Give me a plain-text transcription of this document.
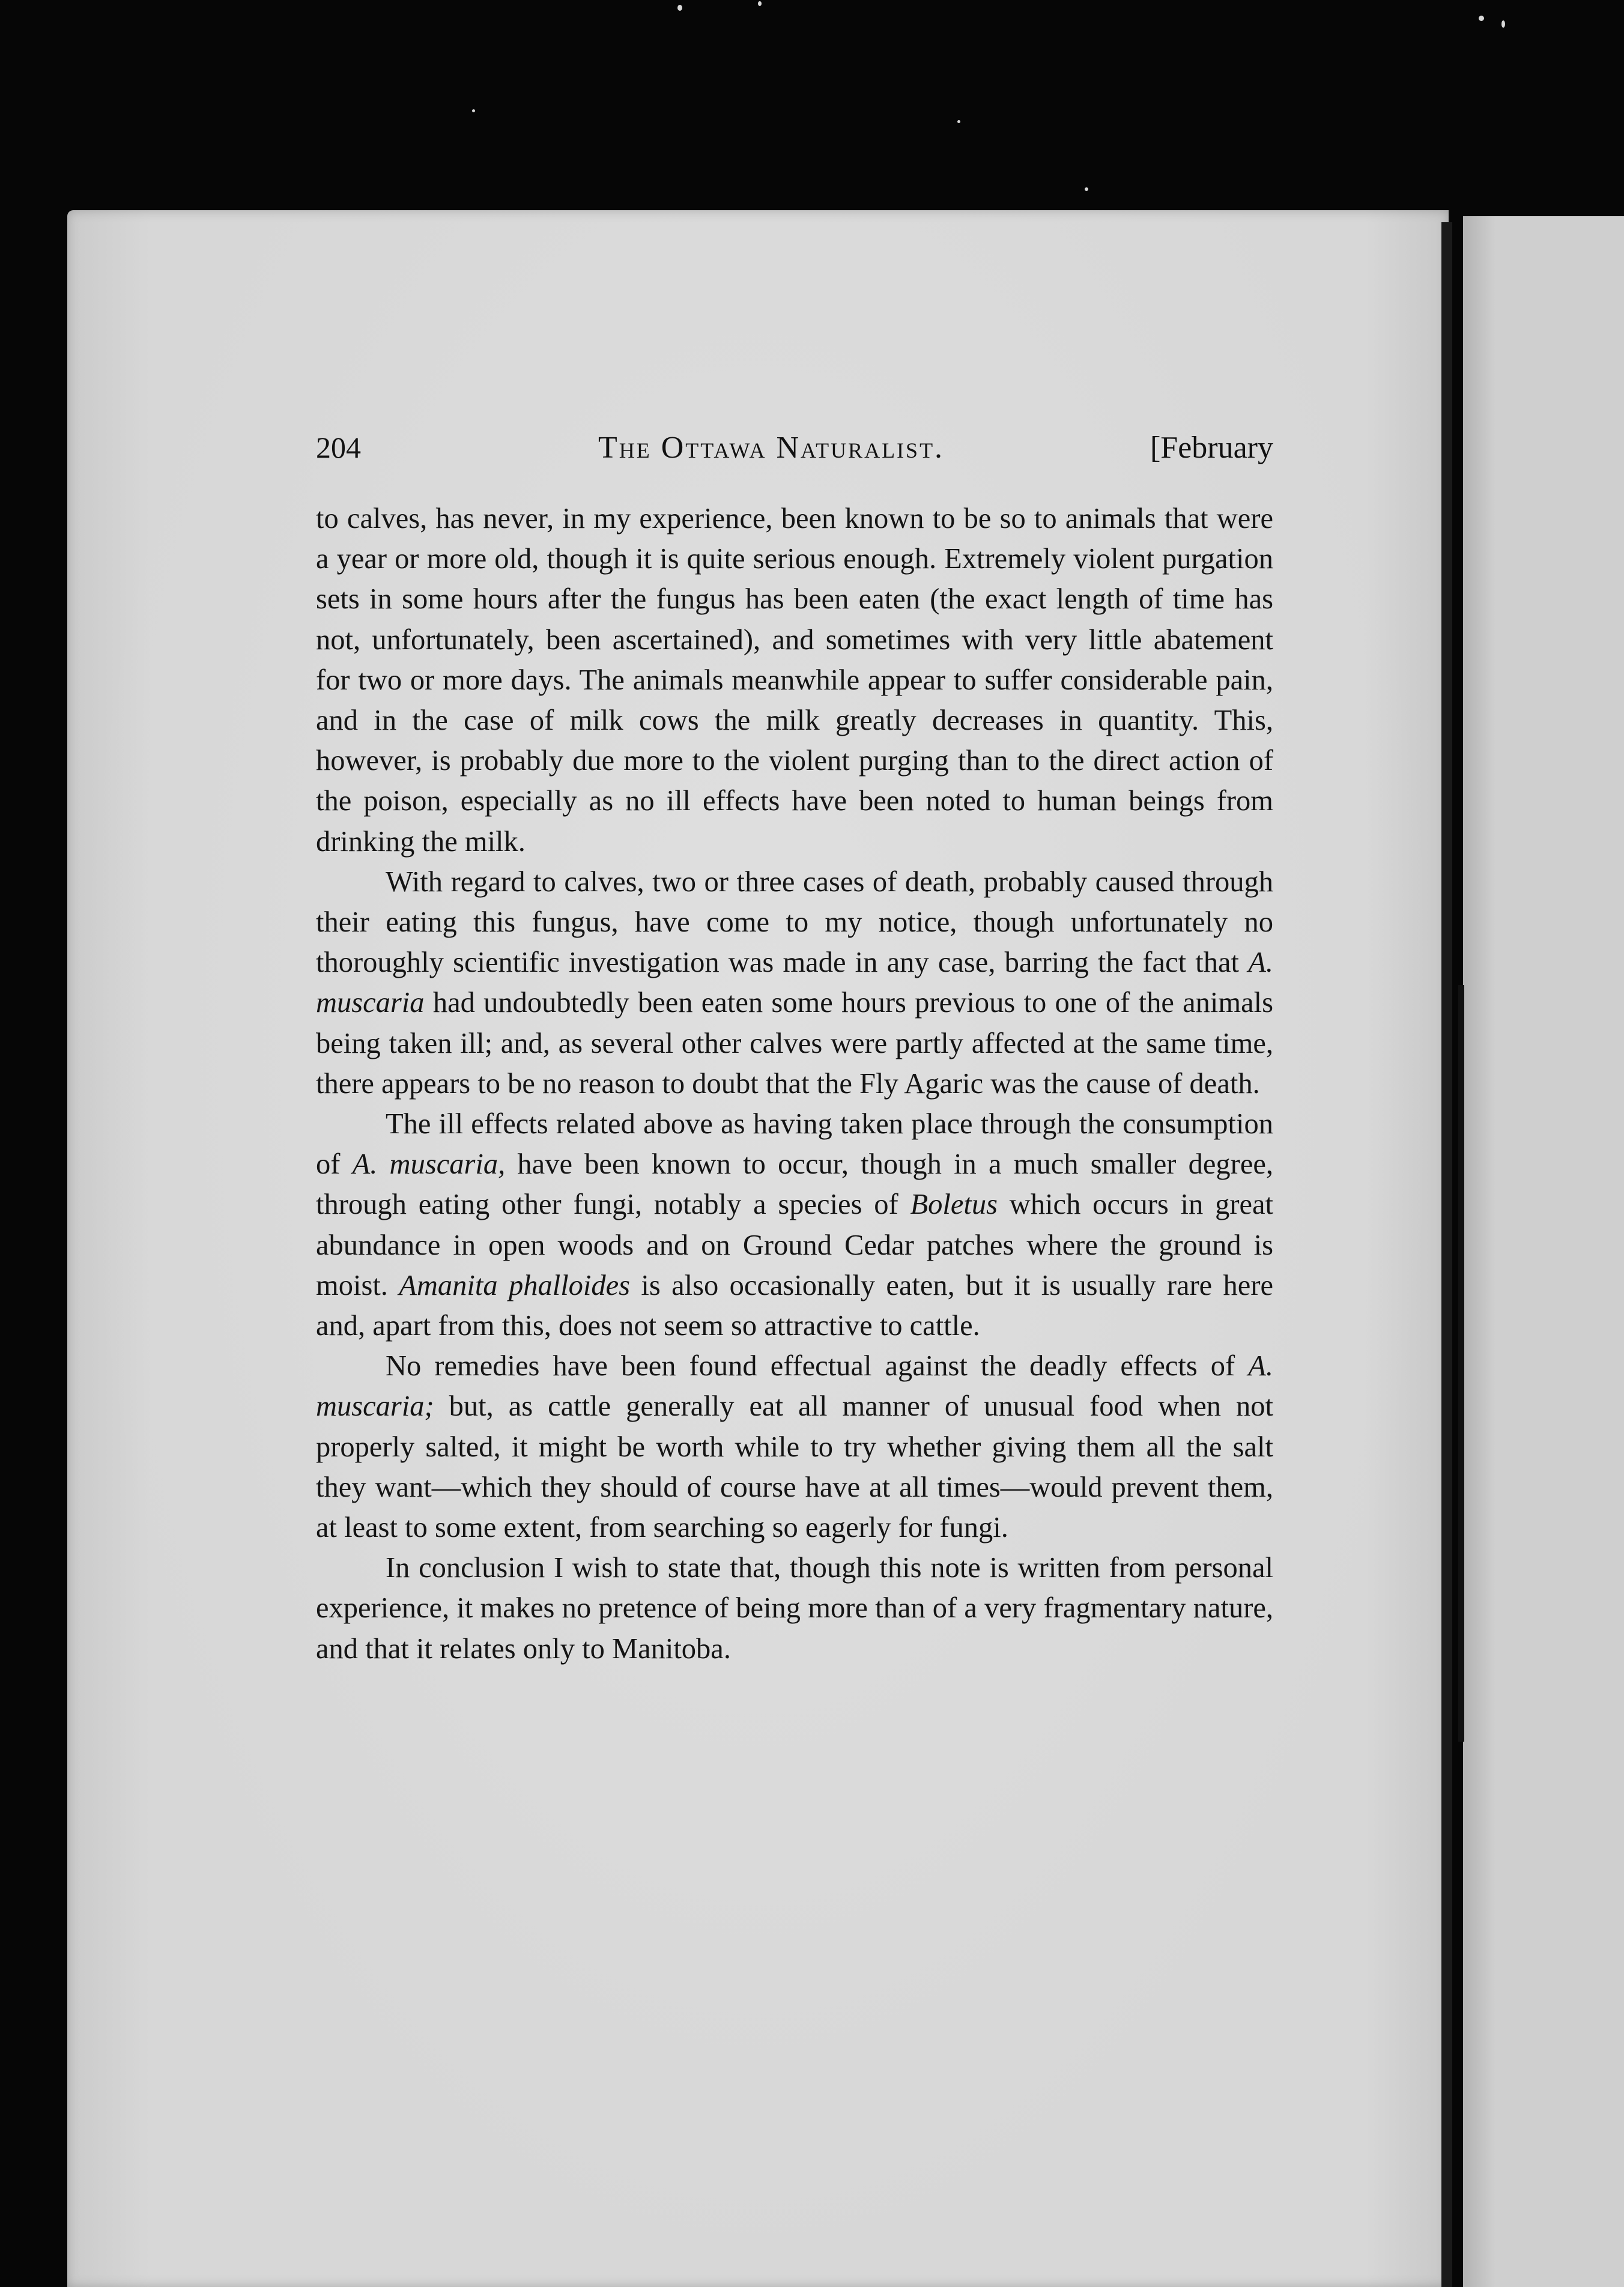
204	The Ottawa Naturalist.	[February

to calves, has never, in my experience, been known to be so to animals that were a year or more old, though it is quite serious enough. Extremely violent purgation sets in some hours after the fungus has been eaten (the exact length of time has not, unfortunately, been ascertained), and sometimes with very little abatement for two or more days. The animals meanwhile appear to suffer considerable pain, and in the case of milk cows the milk greatly decreases in quantity. This, however, is probably due more to the violent purging than to the direct action of the poison, especially as no ill effects have been noted to human beings from drinking the milk.

With regard to calves, two or three cases of death, probably caused through their eating this fungus, have come to my notice, though unfortunately no thoroughly scientific investigation was made in any case, barring the fact that A. muscaria had undoubtedly been eaten some hours previous to one of the animals being taken ill; and, as several other calves were partly affected at the same time, there appears to be no reason to doubt that the Fly Agaric was the cause of death.

The ill effects related above as having taken place through the consumption of A. muscaria, have been known to occur, though in a much smaller degree, through eating other fungi, notably a species of Boletus which occurs in great abundance in open woods and on Ground Cedar patches where the ground is moist. Amanita phalloides is also occasionally eaten, but it is usually rare here and, apart from this, does not seem so attractive to cattle.

No remedies have been found effectual against the deadly effects of A. muscaria; but, as cattle generally eat all manner of unusual food when not properly salted, it might be worth while to try whether giving them all the salt they want—which they should of course have at all times—would prevent them, at least to some extent, from searching so eagerly for fungi.

In conclusion I wish to state that, though this note is written from personal experience, it makes no pretence of being more than of a very fragmentary nature, and that it relates only to Manitoba.
